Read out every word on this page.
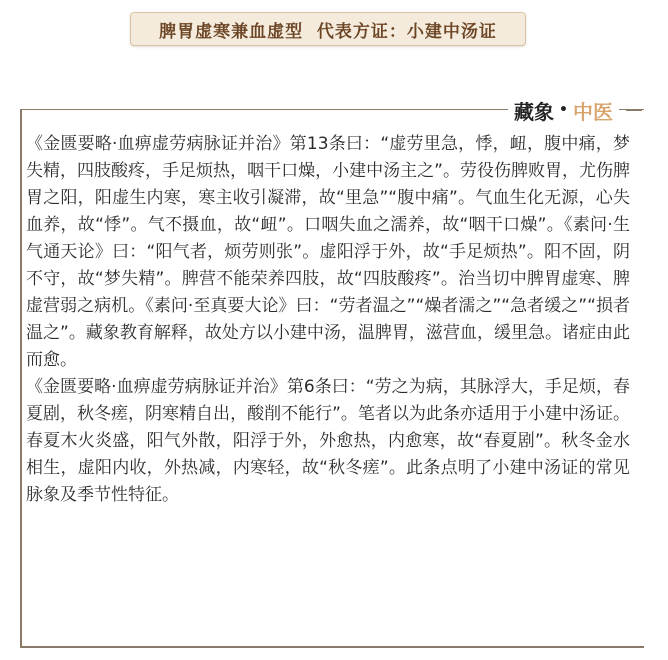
脾胃虚寒兼血虚型  代表方证：小建中汤证
藏象 • 中医

《金匮要略·血痹虚劳病脉证并治》第13条曰：“虚劳里急，悸，衄，腹中痛，梦失精，四肢酸疼，手足烦热，咽干口燥，小建中汤主之”。劳役伤脾败胃，尤伤脾胃之阳，阳虚生内寒，寒主收引凝滞，故“里急”“腹中痛”。气血生化无源，心失血养，故“悸”。气不摄血，故“衄”。口咽失血之濡养，故“咽干口燥”。《素问·生气通天论》曰：“阳气者，烦劳则张”。虚阳浮于外，故“手足烦热”。阳不固，阴不守，故“梦失精”。脾营不能荣养四肢，故“四肢酸疼”。治当切中脾胃虚寒、脾虚营弱之病机。《素问·至真要大论》曰：“劳者温之”“燥者濡之”“急者缓之”“损者温之”。藏象教育解释，故处方以小建中汤，温脾胃，滋营血，缓里急。诸症由此而愈。

《金匮要略·血痹虚劳病脉证并治》第6条曰：“劳之为病，其脉浮大，手足烦，春夏剧，秋冬瘥，阴寒精自出，酸削不能行”。笔者以为此条亦适用于小建中汤证。春夏木火炎盛，阳气外散，阳浮于外，外愈热，内愈寒，故“春夏剧”。秋冬金水相生，虚阳内收，外热减，内寒轻，故“秋冬瘥”。此条点明了小建中汤证的常见脉象及季节性特征。
